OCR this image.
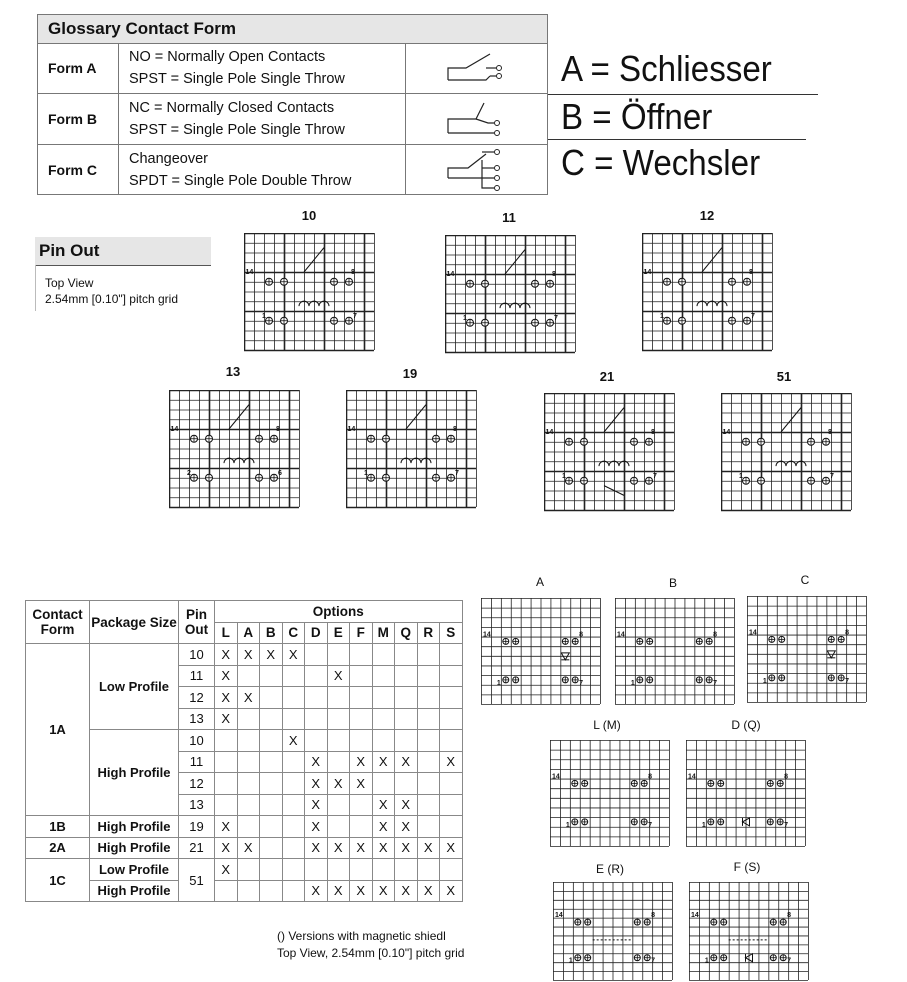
Glossary Contact Form
Form A
NO = Normally Open Contacts
SPST = Single Pole Single Throw
Form B
NC = Normally Closed Contacts
SPST = Single Pole Single Throw
Form C
Changeover
SPDT = Single Pole Double Throw
A = Schliesser
B = Öffner
C = Wechsler
Pin Out
Top View
2.54mm [0.10"] pitch grid
10	11	12
13	19	21	51
14	8
1	7
14	8
1	7
14	8
1	7
14	8
2	6
14	8
1	7
14	8
1	7
14	8
1	7
Contact Form	Package Size	Pin Out	Options										
			L	A	B	C	D	E	F	M	Q	R	S
1A	Low Profile	10	X	X	X	X							
		11	X					X					
		12	X	X									
		13	X										
	High Profile	10				X							
		11					X		X	X	X		X
		12					X	X	X				
		13					X			X	X		
1B	High Profile	19	X				X			X	X		
2A	High Profile	21	X	X			X	X	X	X	X	X	X
1C	Low Profile	51	X										
	High Profile						X	X	X	X	X	X	X
A	B	C
L (M)	D (Q)
E (R)	F (S)
14	8
1	7
14	8
1	7
14	8
1	7
14	8
1	7
14	8
1	7
14	8
1	7
14	8
1	7
() Versions with magnetic shiedl
Top View, 2.54mm [0.10"] pitch grid
